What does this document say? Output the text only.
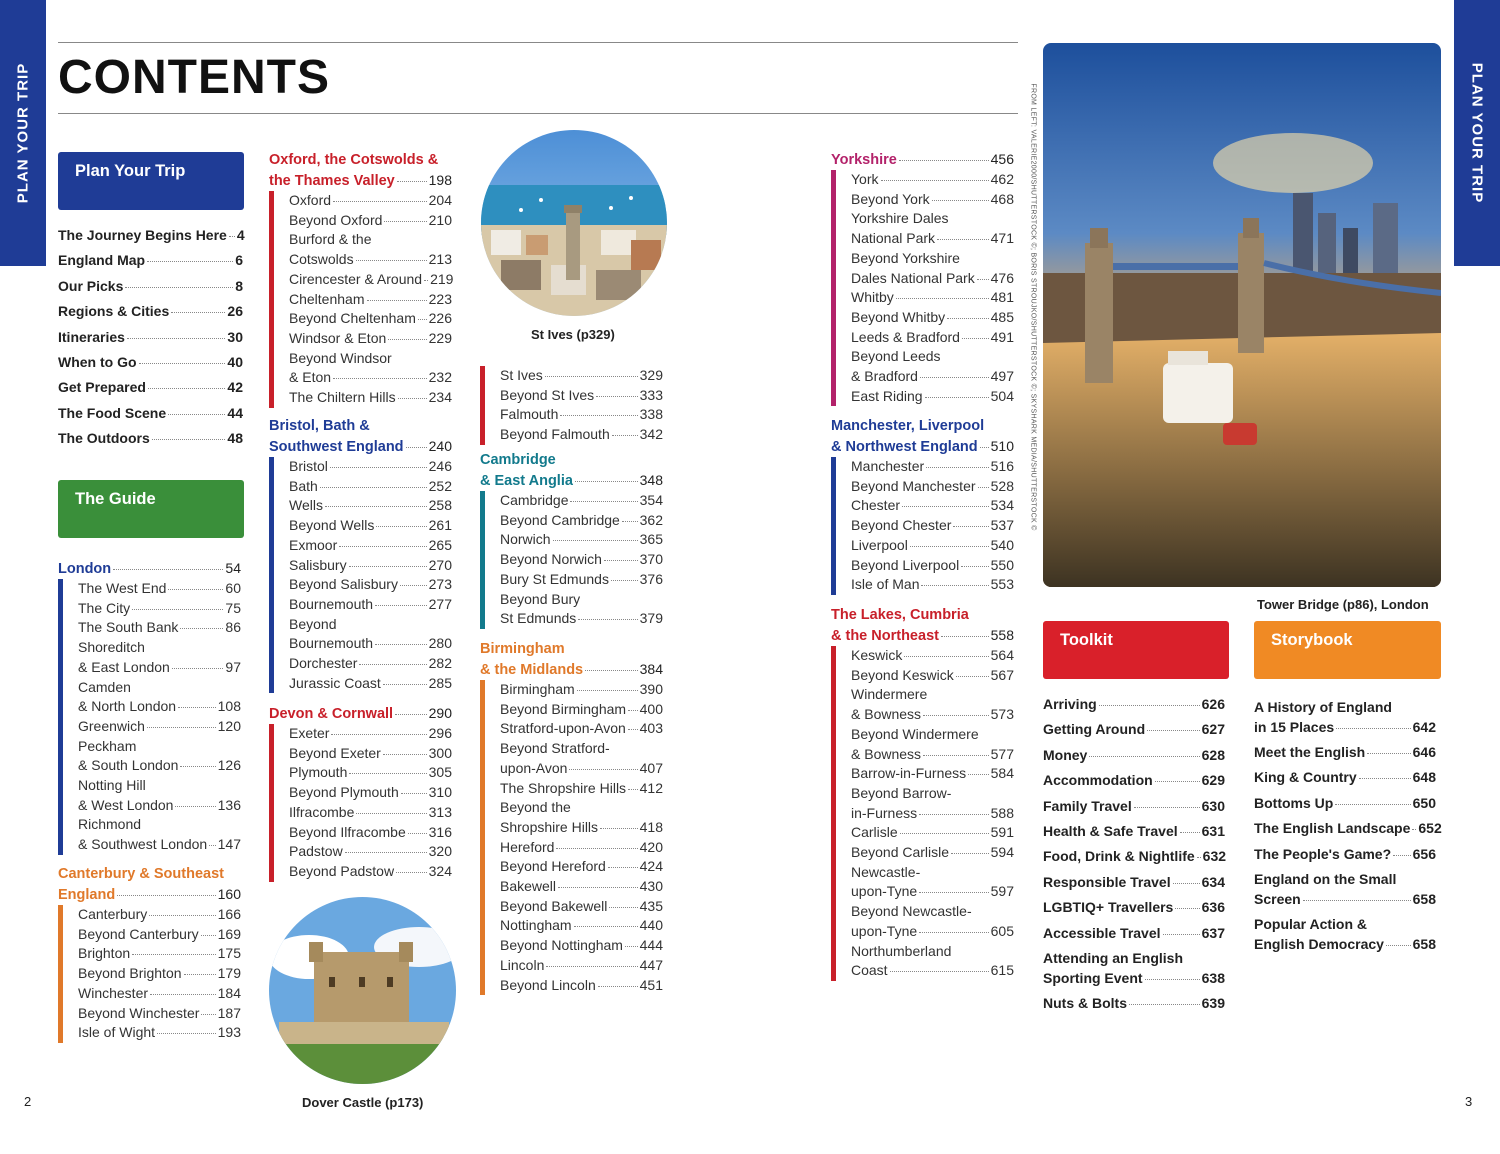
PLAN YOUR TRIP	PLAN YOUR TRIP
CONTENTS
Plan Your Trip
The Journey Begins Here 4
England Map	6
Our Picks	8
Regions & Cities	26
Itineraries	30
When to Go	40
Get Prepared	42
The Food Scene	44
The Outdoors	48
The Guide
London	54
The West End	60
The City	75
The South Bank	86
Shoreditch
& East London	97
Camden
& North London	108
Greenwich	120
Peckham
& South London	126
Notting Hill
& West London	136
Richmond
& Southwest London 147
Canterbury & Southeast
England	160
Canterbury	166
Beyond Canterbury 169
Brighton	175
Beyond Brighton	179
Winchester	184
Beyond Winchester 187
Isle of Wight	193
Oxford, the Cotswolds &
the Thames Valley 198
Oxford	204
Beyond Oxford	210
Burford & the
Cotswolds	213
Cirencester & Around 219
Cheltenham	223
Beyond Cheltenham 226
Windsor & Eton	229
Beyond Windsor
& Eton	232
The Chiltern Hills 234
Bristol, Bath &
Southwest England 240
Bristol	246
Bath	252
Wells	258
Beyond Wells	261
Exmoor	265
Salisbury	270
Beyond Salisbury 273
Bournemouth	277
Beyond
Bournemouth	280
Dorchester	282
Jurassic Coast	285
Devon & Cornwall	290
Exeter	296
Beyond Exeter	300
Plymouth	305
Beyond Plymouth 310
Ilfracombe	313
Beyond Ilfracombe 316
Padstow	320
Beyond Padstow 324
St Ives	329
Beyond St Ives	333
Falmouth	338
Beyond Falmouth 342
Cambridge
& East Anglia	348
Cambridge	354
Beyond Cambridge 362
Norwich	365
Beyond Norwich	370
Bury St Edmunds 376
Beyond Bury
St Edmunds	379
Birmingham
& the Midlands	384
Birmingham	390
Beyond Birmingham 400
Stratford-upon-Avon 403
Beyond Stratford-
upon-Avon	407
The Shropshire Hills 412
Beyond the
Shropshire Hills	418
Hereford	420
Beyond Hereford 424
Bakewell	430
Beyond Bakewell 435
Nottingham	440
Beyond Nottingham 444
Lincoln	447
Beyond Lincoln	451
Yorkshire	456
York	462
Beyond York	468
Yorkshire Dales
National Park	471
Beyond Yorkshire
Dales National Park 476
Whitby	481
Beyond Whitby	485
Leeds & Bradford 491
Beyond Leeds
& Bradford	497
East Riding	504
Manchester, Liverpool
& Northwest England 510
Manchester	516
Beyond Manchester 528
Chester	534
Beyond Chester	537
Liverpool	540
Beyond Liverpool 550
Isle of Man	553
The Lakes, Cumbria
& the Northeast	558
Keswick	564
Beyond Keswick	567
Windermere
& Bowness	573
Beyond Windermere
& Bowness	577
Barrow-in-Furness 584
Beyond Barrow-
in-Furness	588
Carlisle	591
Beyond Carlisle	594
Newcastle-
upon-Tyne	597
Beyond Newcastle-
upon-Tyne	605
Northumberland
Coast	615
St Ives (p329)
Dover Castle (p173)
FROM LEFT: VALERIE2000/SHUTTERSTOCK ©; BORIS STROUJKO/SHUTTERSTOCK ©; SKYSHARK MEDIA/SHUTTERSTOCK ©
Tower Bridge (p86), London
Toolkit
Arriving	626
Getting Around	627
Money	628
Accommodation	629
Family Travel	630
Health & Safe Travel 631
Food, Drink & Nightlife 632
Responsible Travel 634
LGBTIQ+ Travellers 636
Accessible Travel	637
Attending an English
Sporting Event	638
Nuts & Bolts	639
Storybook
A History of England
in 15 Places	642
Meet the English	646
King & Country	648
Bottoms Up	650
The English Landscape 652
The People's Game? 656
England on the Small
Screen	658
Popular Action &
English Democracy 658
2	3
